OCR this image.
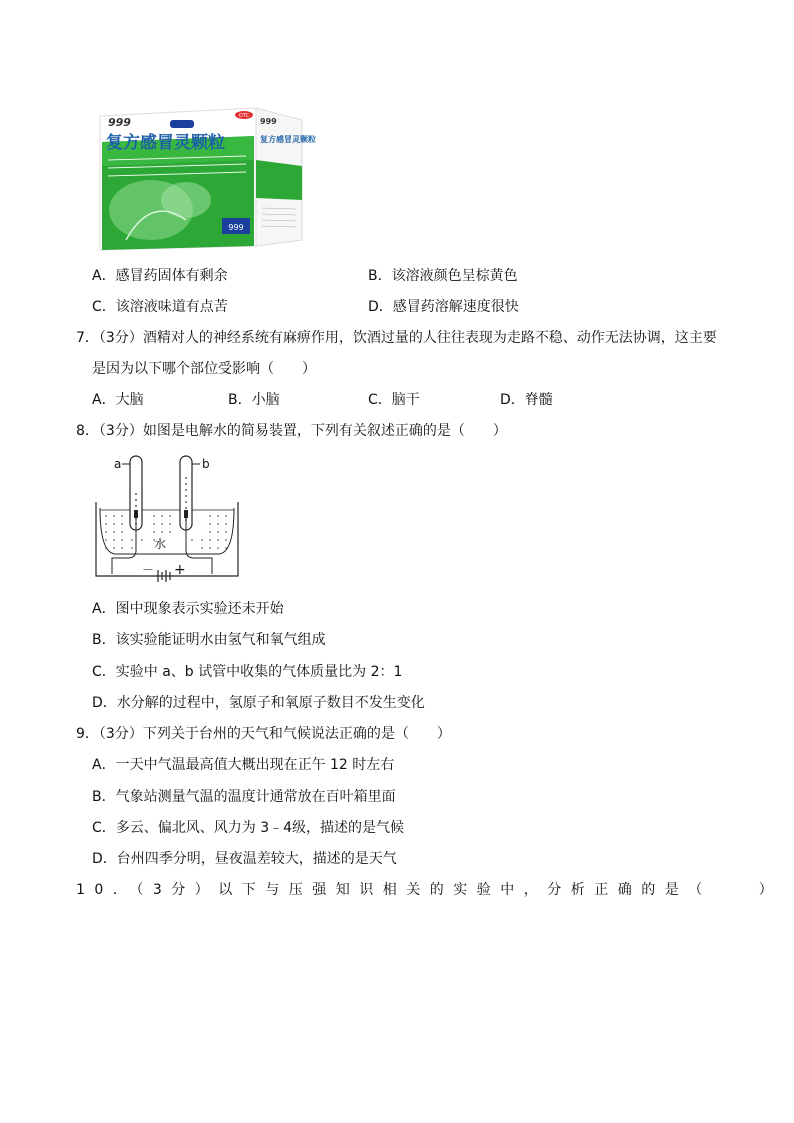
999
999	OTC
复方感冒灵颗粒
999
复方感冒灵颗粒
A．感冒药固体有剩余	B．该溶液颜色呈棕黄色
C．该溶液味道有点苦	D．感冒药溶解速度很快
7．（3分）酒精对人的神经系统有麻痹作用，饮酒过量的人往往表现为走路不稳、动作无法协调，这主要
是因为以下哪个部位受影响（　　）
A．大脑	B．小脑	C．脑干	D．脊髓
8．（3分）如图是电解水的简易装置，下列有关叙述正确的是（　　）
a	b
水
－ +
A．图中现象表示实验还未开始
B．该实验能证明水由氢气和氧气组成
C．实验中 a、b 试管中收集的气体质量比为 2：1
D．水分解的过程中，氢原子和氧原子数目不发生变化
9．（3分）下列关于台州的天气和气候说法正确的是（　　）
A．一天中气温最高值大概出现在正午 12 时左右
B．气象站测量气温的温度计通常放在百叶箱里面
C．多云、偏北风、风力为 3﹣4级，描述的是气候
D．台州四季分明，昼夜温差较大，描述的是天气
10．（3分）以下与压强知识相关的实验中，分析正确的是（　　）
